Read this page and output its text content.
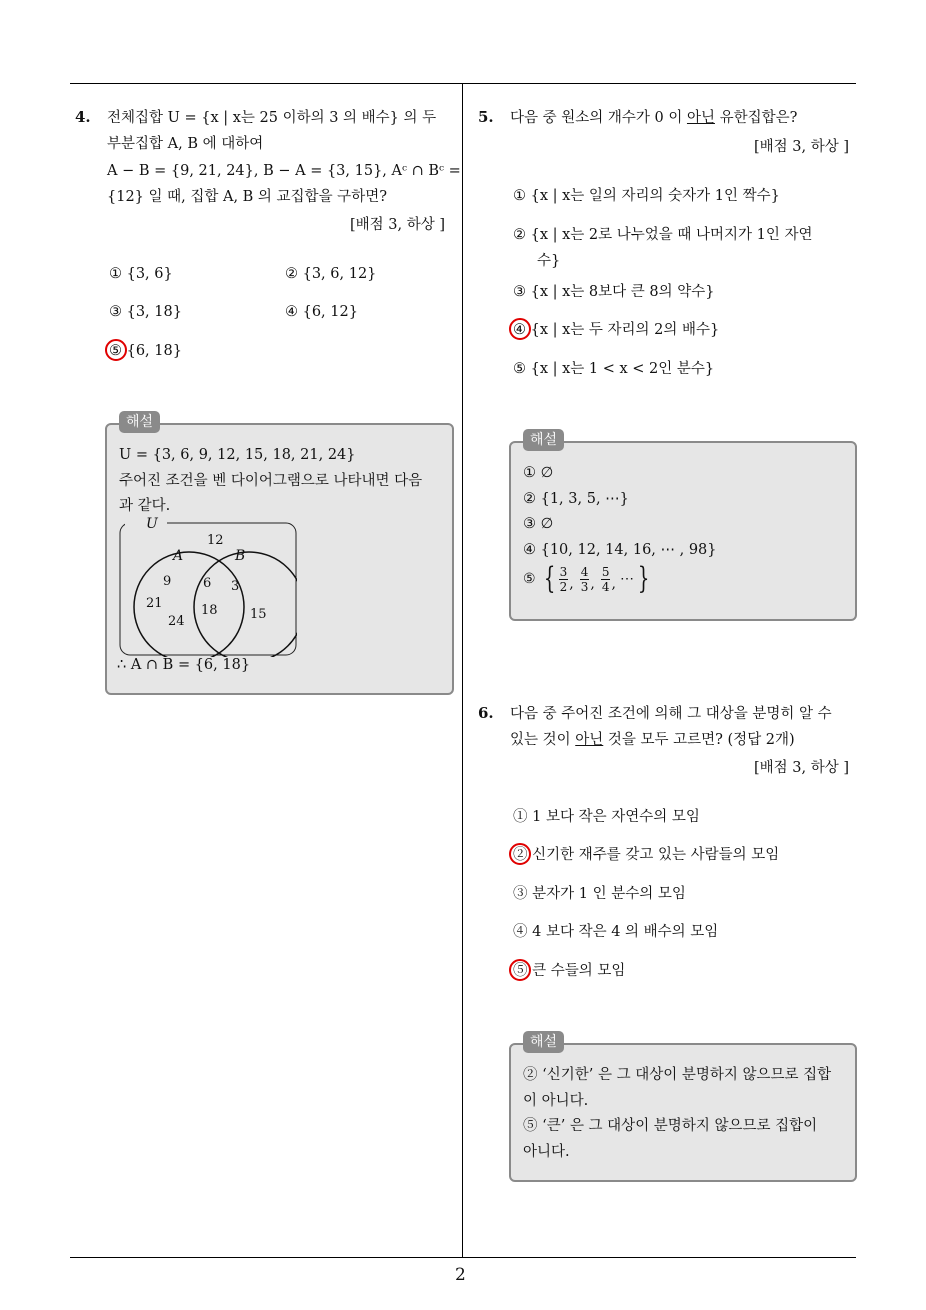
2
4. 전체집합 U = {x | x는 25 이하의 3 의 배수} 의 두
부분집합 A, B 에 대하여
A − B = {9, 21, 24}, B − A = {3, 15}, Aᶜ ∩ Bᶜ =
{12} 일 때, 집합 A, B 의 교집합을 구하면?
[배점 3, 하상 ]
① {3, 6}	② {3, 6, 12}
③ {3, 18}	④ {6, 12}
⑤ {6, 18}
U = {3, 6, 9, 12, 15, 18, 21, 24}
주어진 조건을 벤 다이어그램으로 나타내면 다음
과 같다.
U
12
A	B
9
21
24
6
18
3
15
∴ A ∩ B = {6, 18}
해설
5. 다음 중 원소의 개수가 0 이 아닌 유한집합은?
[배점 3, 하상 ]
① {x | x는 일의 자리의 숫자가 1인 짝수}
② {x | x는 2로 나누었을 때 나머지가 1인 자연
수}
③ {x | x는 8보다 큰 8의 약수}
④ {x | x는 두 자리의 2의 배수}
⑤ {x | x는 1 < x < 2인 분수}
① ∅
② {1, 3, 5, ⋯}
③ ∅
④ {10, 12, 14, 16, ⋯ , 98}
⑤ { $\frac{3}{2}$ , $\frac{4}{3}$ , $\frac{5}{4}$ , ⋯ }
해설
6. 다음 중 주어진 조건에 의해 그 대상을 분명히 알 수
있는 것이 아닌 것을 모두 고르면? (정답 2개)
[배점 3, 하상 ]
① 1 보다 작은 자연수의 모임
② 신기한 재주를 갖고 있는 사람들의 모임
③ 분자가 1 인 분수의 모임
④ 4 보다 작은 4 의 배수의 모임
⑤ 큰 수들의 모임
② ‘신기한’ 은 그 대상이 분명하지 않으므로 집합
이 아니다.
⑤ ‘큰’ 은 그 대상이 분명하지 않으므로 집합이
아니다.
해설
